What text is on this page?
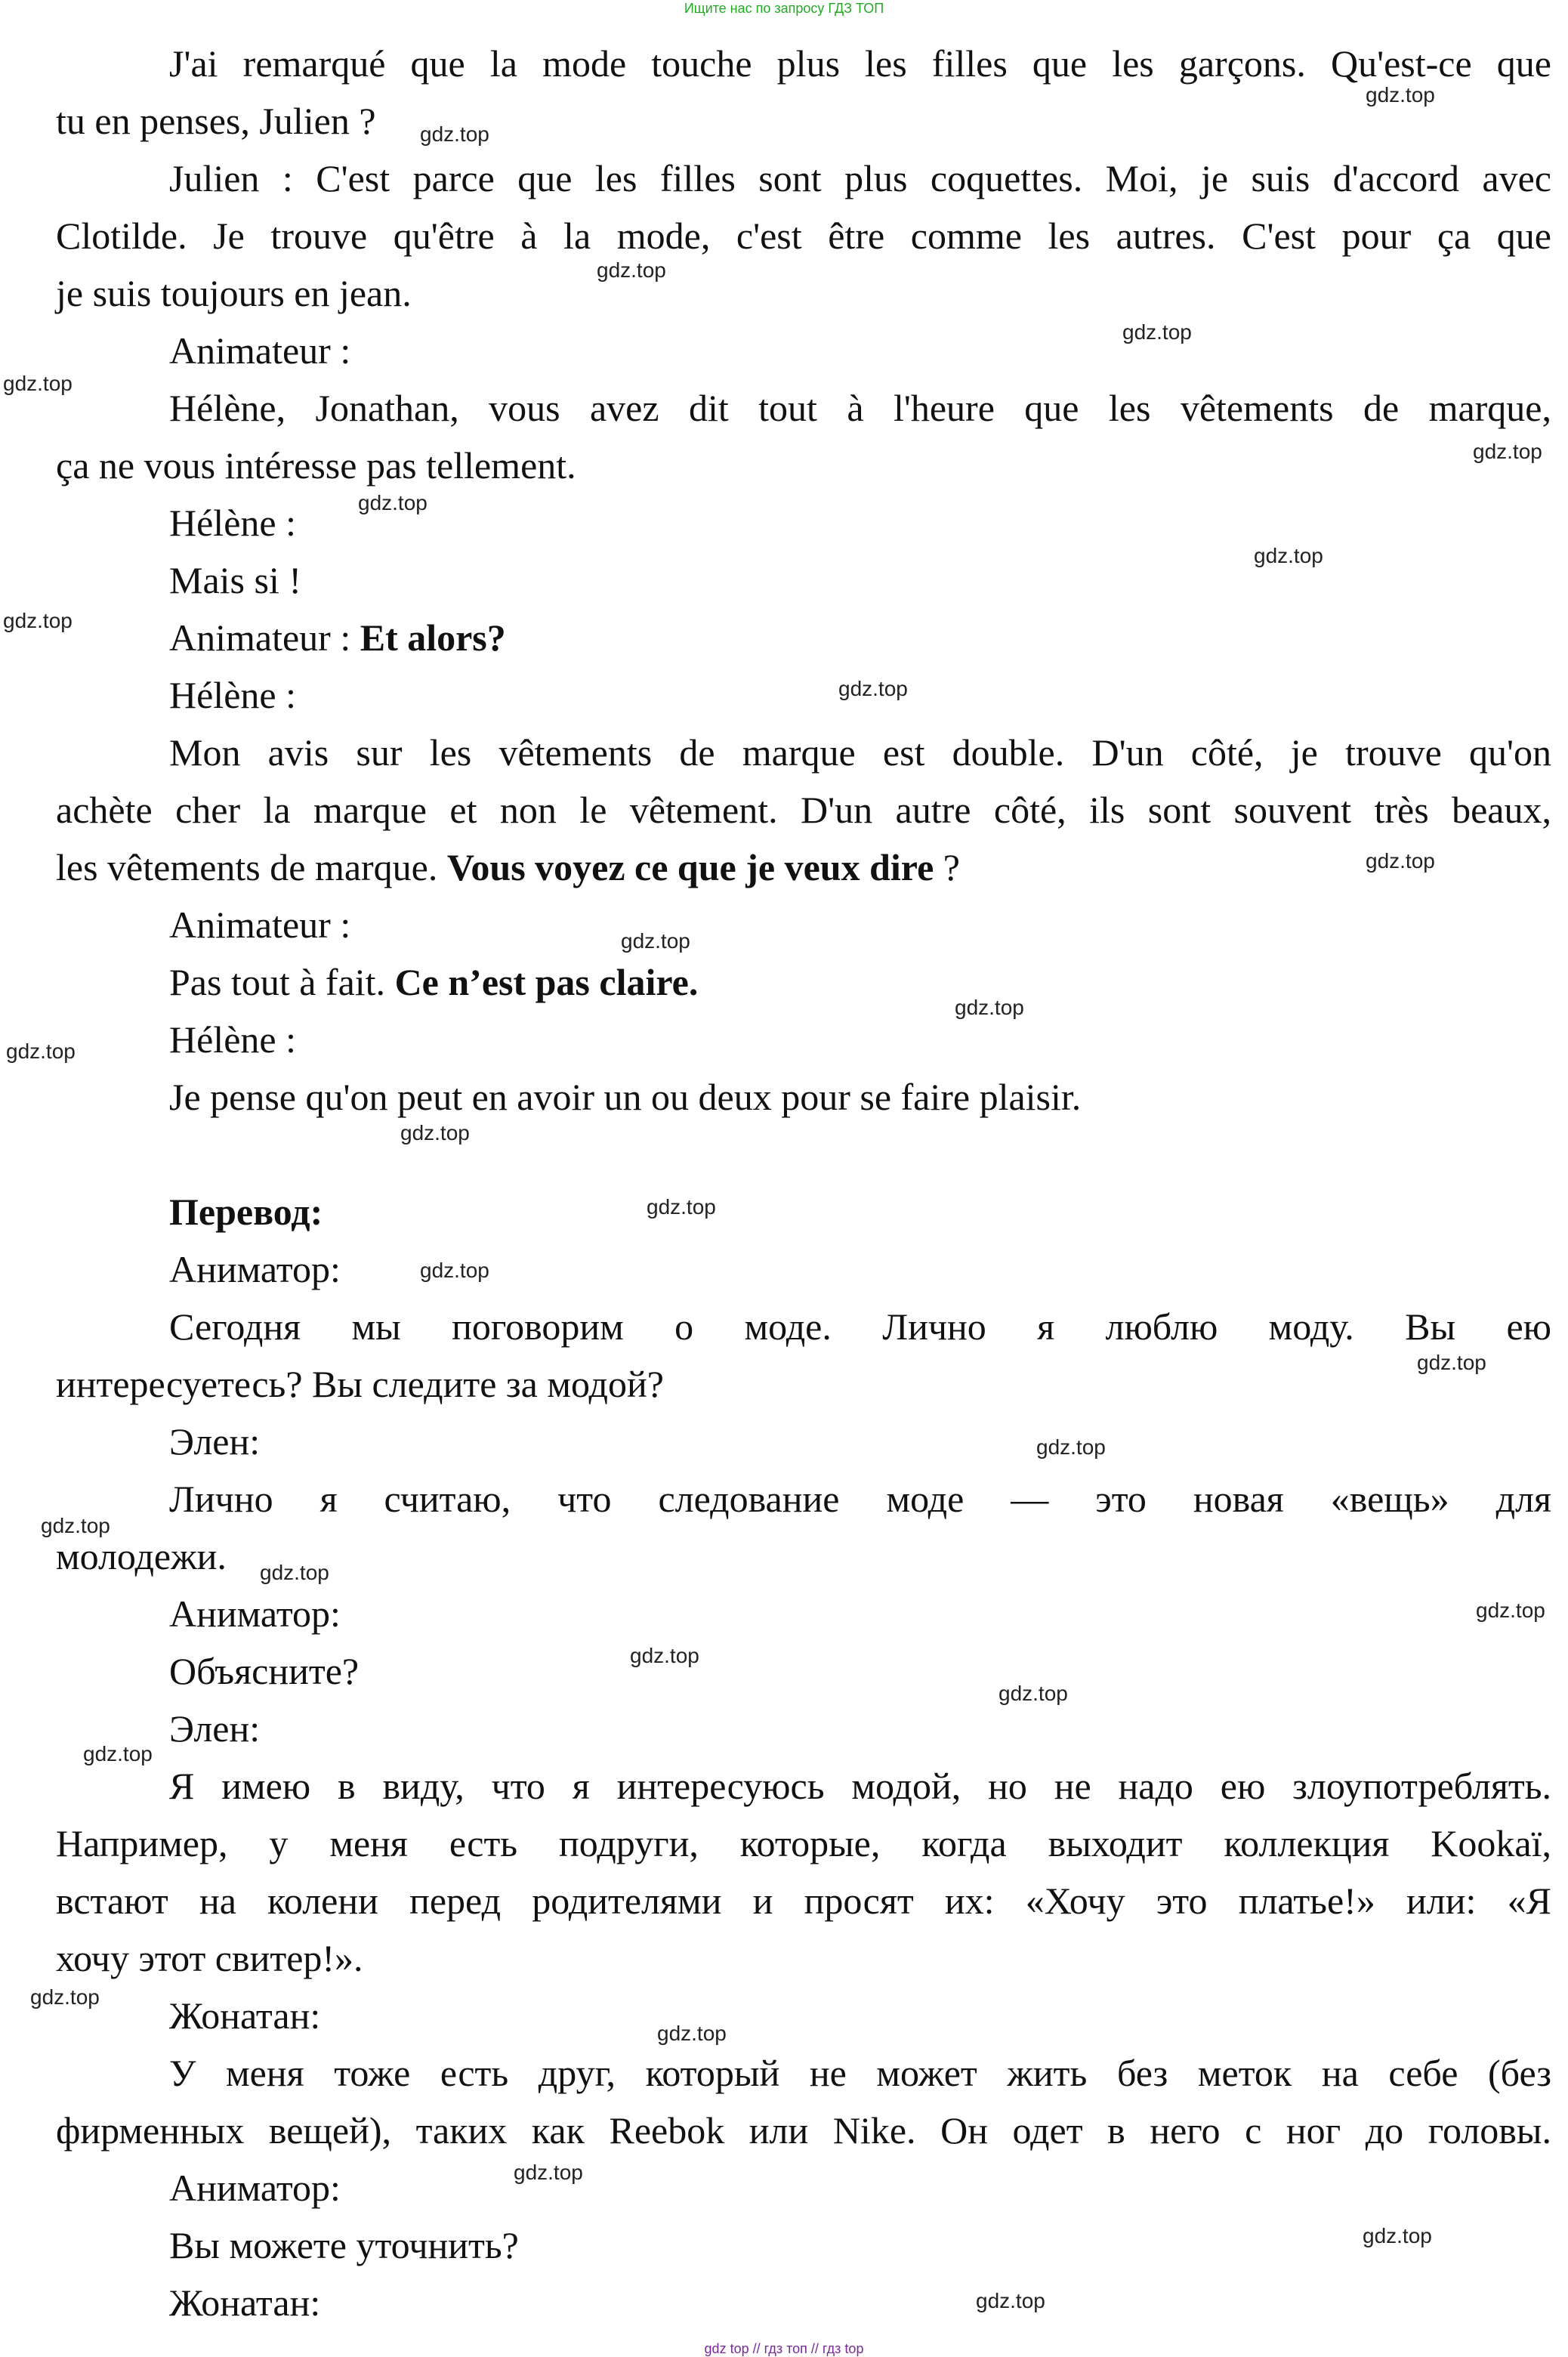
Ищите нас по запросу ГДЗ ТОП
J'ai remarqué que la mode touche plus les filles que les garçons. Qu'est-ce que
tu en penses, Julien ?
Julien : C'est parce que les filles sont plus coquettes. Moi, je suis d'accord avec
Clotilde. Je trouve qu'être à la mode, c'est être comme les autres. C'est pour ça que
je suis toujours en jean.
Animateur :
Hélène, Jonathan, vous avez dit tout à l'heure que les vêtements de marque,
ça ne vous intéresse pas tellement.
Hélène :
Mais si !
Animateur : Et alors?
Hélène :
Mon avis sur les vêtements de marque est double. D'un côté, je trouve qu'on
achète cher la marque et non le vêtement. D'un autre côté, ils sont souvent très beaux,
les vêtements de marque. Vous voyez ce que je veux dire ?
Animateur :
Pas tout à fait. Ce n’est pas claire.
Hélène :
Je pense qu'on peut en avoir un ou deux pour se faire plaisir.
Перевод:
Аниматор:
Сегодня мы поговорим о моде. Лично я люблю моду. Вы ею
интересуетесь? Вы следите за модой?
Элен:
Лично я считаю, что следование моде — это новая «вещь» для
молодежи.
Аниматор:
Объясните?
Элен:
Я имею в виду, что я интересуюсь модой, но не надо ею злоупотреблять.
Например, у меня есть подруги, которые, когда выходит коллекция Kookaï,
встают на колени перед родителями и просят их: «Хочу это платье!» или: «Я
хочу этот свитер!».
Жонатан:
У меня тоже есть друг, который не может жить без меток на себе (без
фирменных вещей), таких как Reebok или Nike. Он одет в него с ног до головы.
Аниматор:
Вы можете уточнить?
Жонатан:
gdz.top
gdz.top
gdz.top
gdz.top
gdz.top
gdz.top
gdz.top
gdz.top
gdz.top
gdz.top
gdz.top
gdz.top
gdz.top
gdz.top
gdz.top
gdz.top
gdz.top
gdz.top
gdz.top
gdz.top
gdz.top
gdz.top
gdz.top
gdz.top
gdz.top
gdz.top
gdz.top
gdz.top
gdz.top
gdz.top
gdz top // гдз топ // гдз top
